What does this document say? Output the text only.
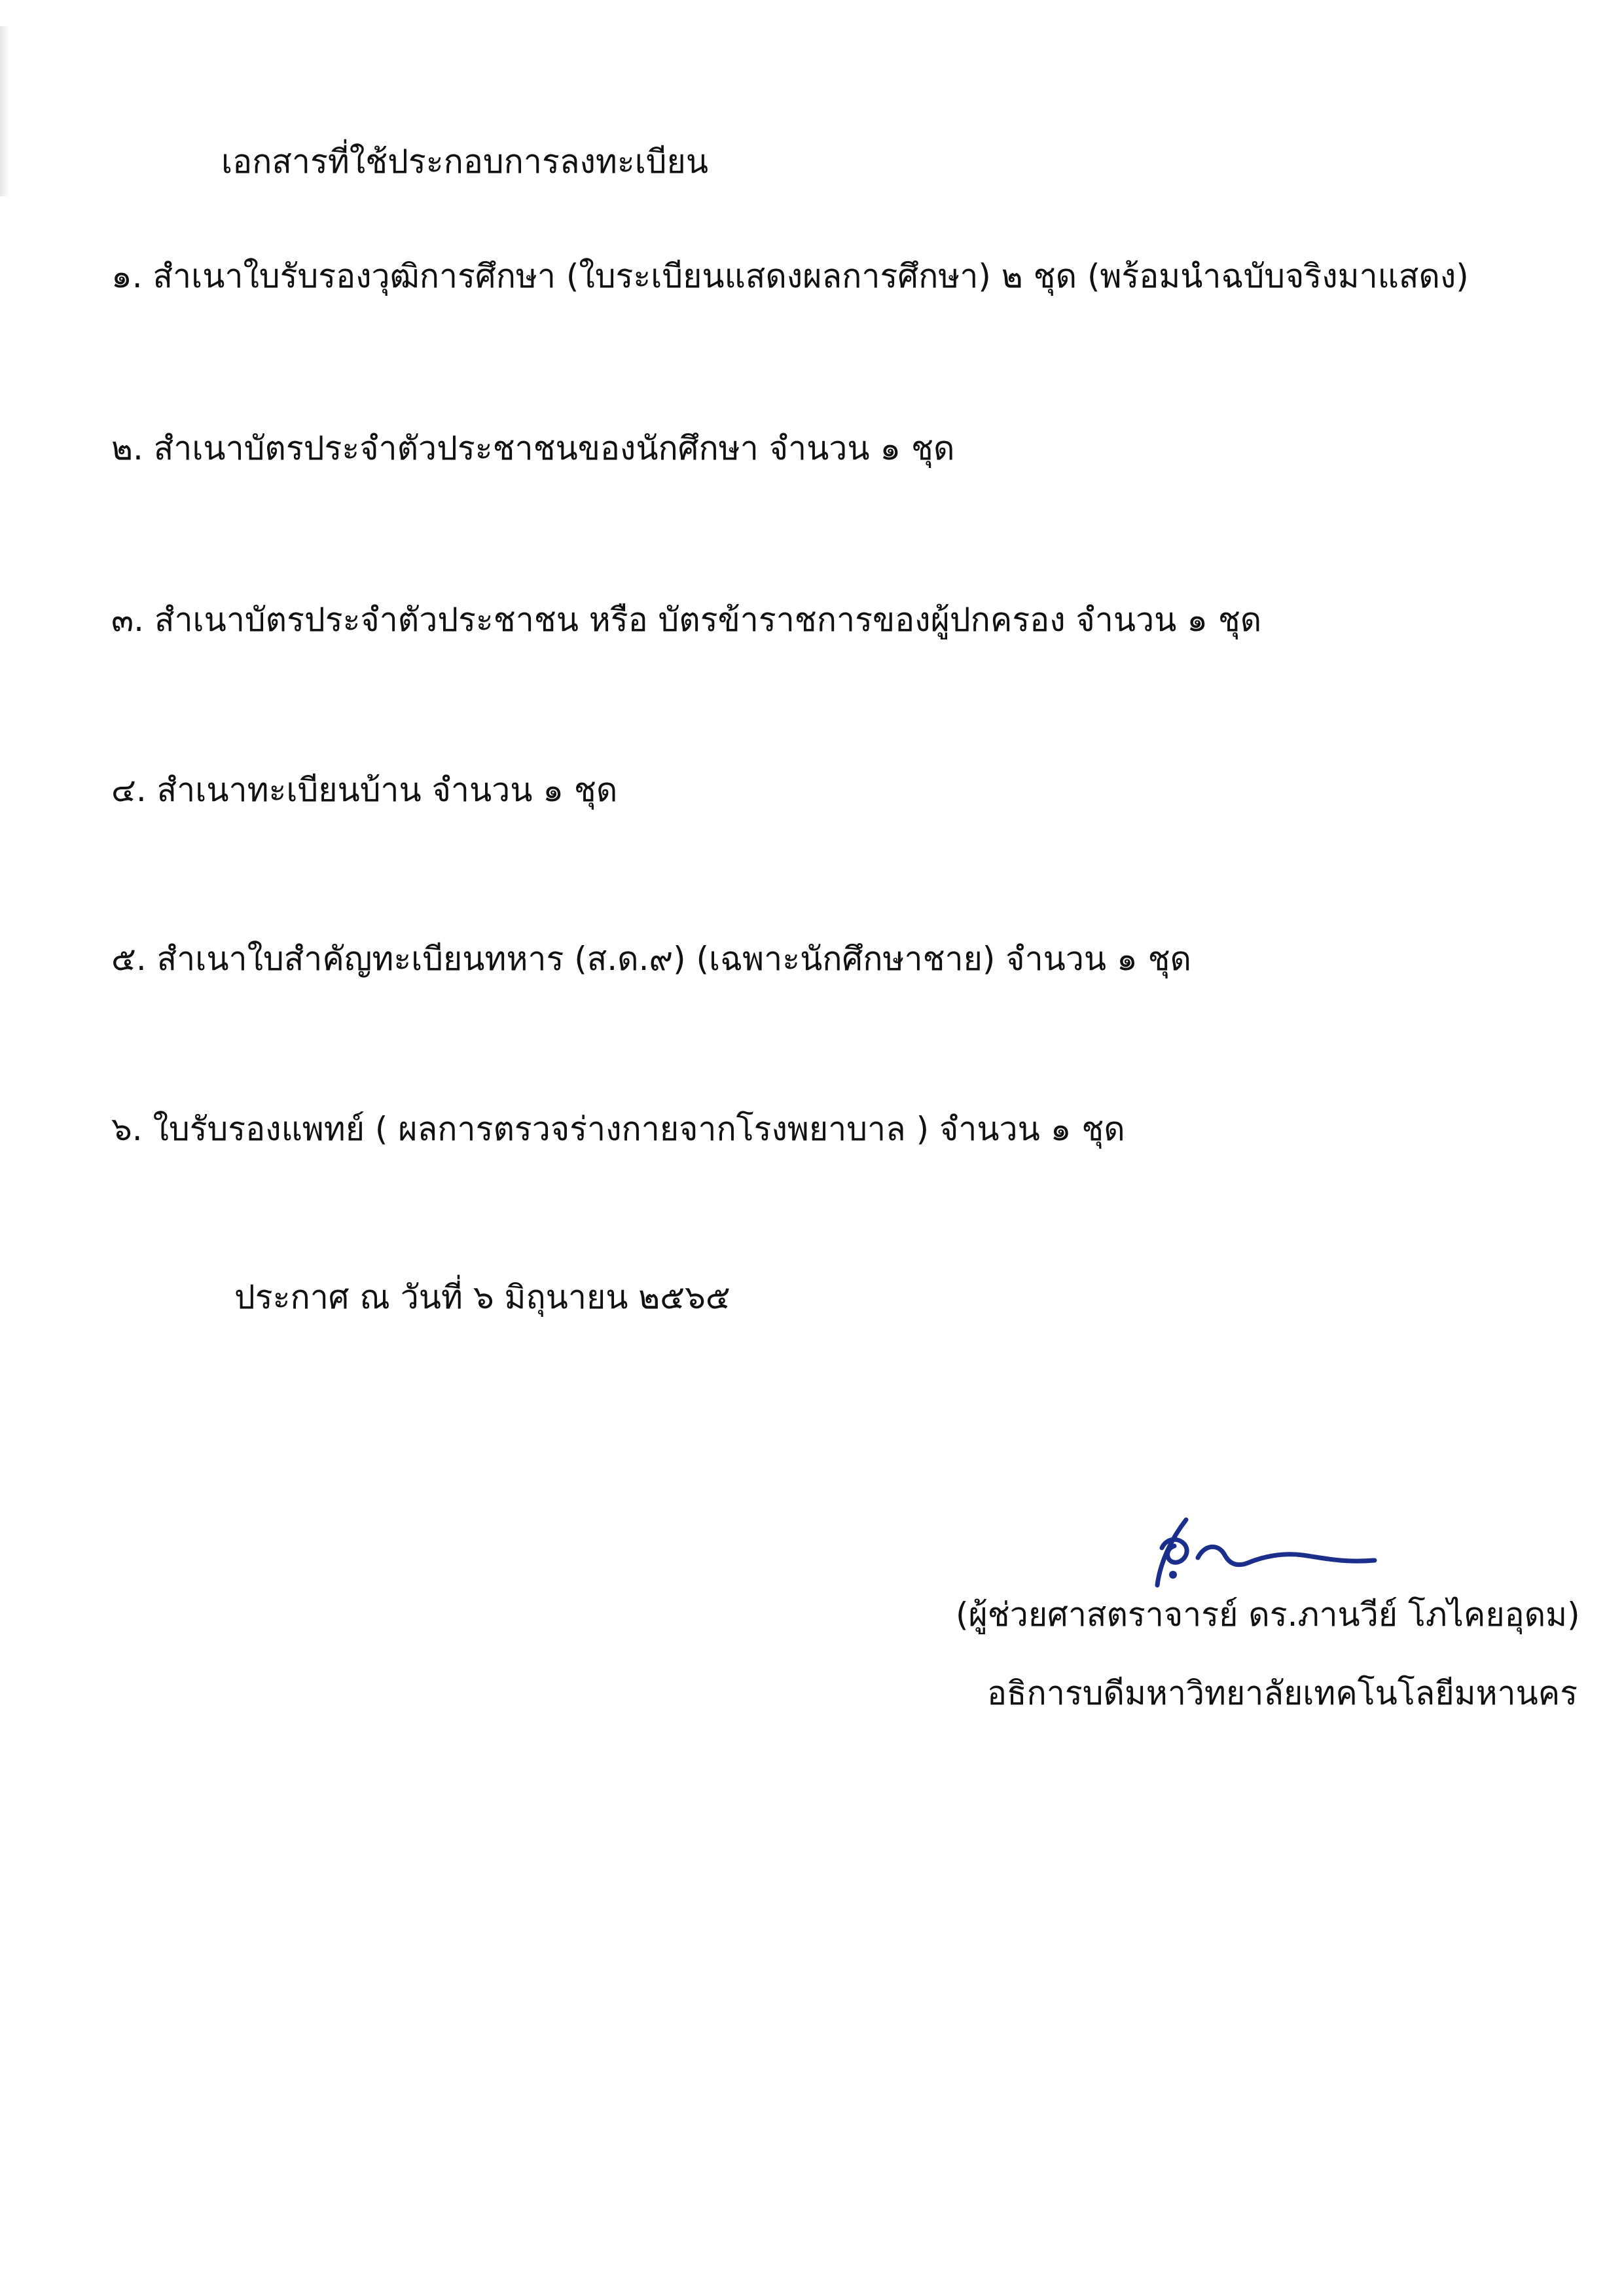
เอกสารที่ใช้ประกอบการลงทะเบียน
๑. สำเนาใบรับรองวุฒิการศึกษา (ใบระเบียนแสดงผลการศึกษา) ๒ ชุด (พร้อมนำฉบับจริงมาแสดง)
๒. สำเนาบัตรประจำตัวประชาชนของนักศึกษา จำนวน ๑ ชุด
๓. สำเนาบัตรประจำตัวประชาชน หรือ บัตรข้าราชการของผู้ปกครอง จำนวน ๑ ชุด
๔. สำเนาทะเบียนบ้าน จำนวน ๑ ชุด
๕. สำเนาใบสำคัญทะเบียนทหาร (ส.ด.๙) (เฉพาะนักศึกษาชาย) จำนวน ๑ ชุด
๖. ใบรับรองแพทย์ ( ผลการตรวจร่างกายจากโรงพยาบาล ) จำนวน ๑ ชุด
ประกาศ ณ วันที่ ๖ มิถุนายน ๒๕๖๕
(ผู้ช่วยศาสตราจารย์ ดร.ภานวีย์ โภไคยอุดม)
อธิการบดีมหาวิทยาลัยเทคโนโลยีมหานคร
